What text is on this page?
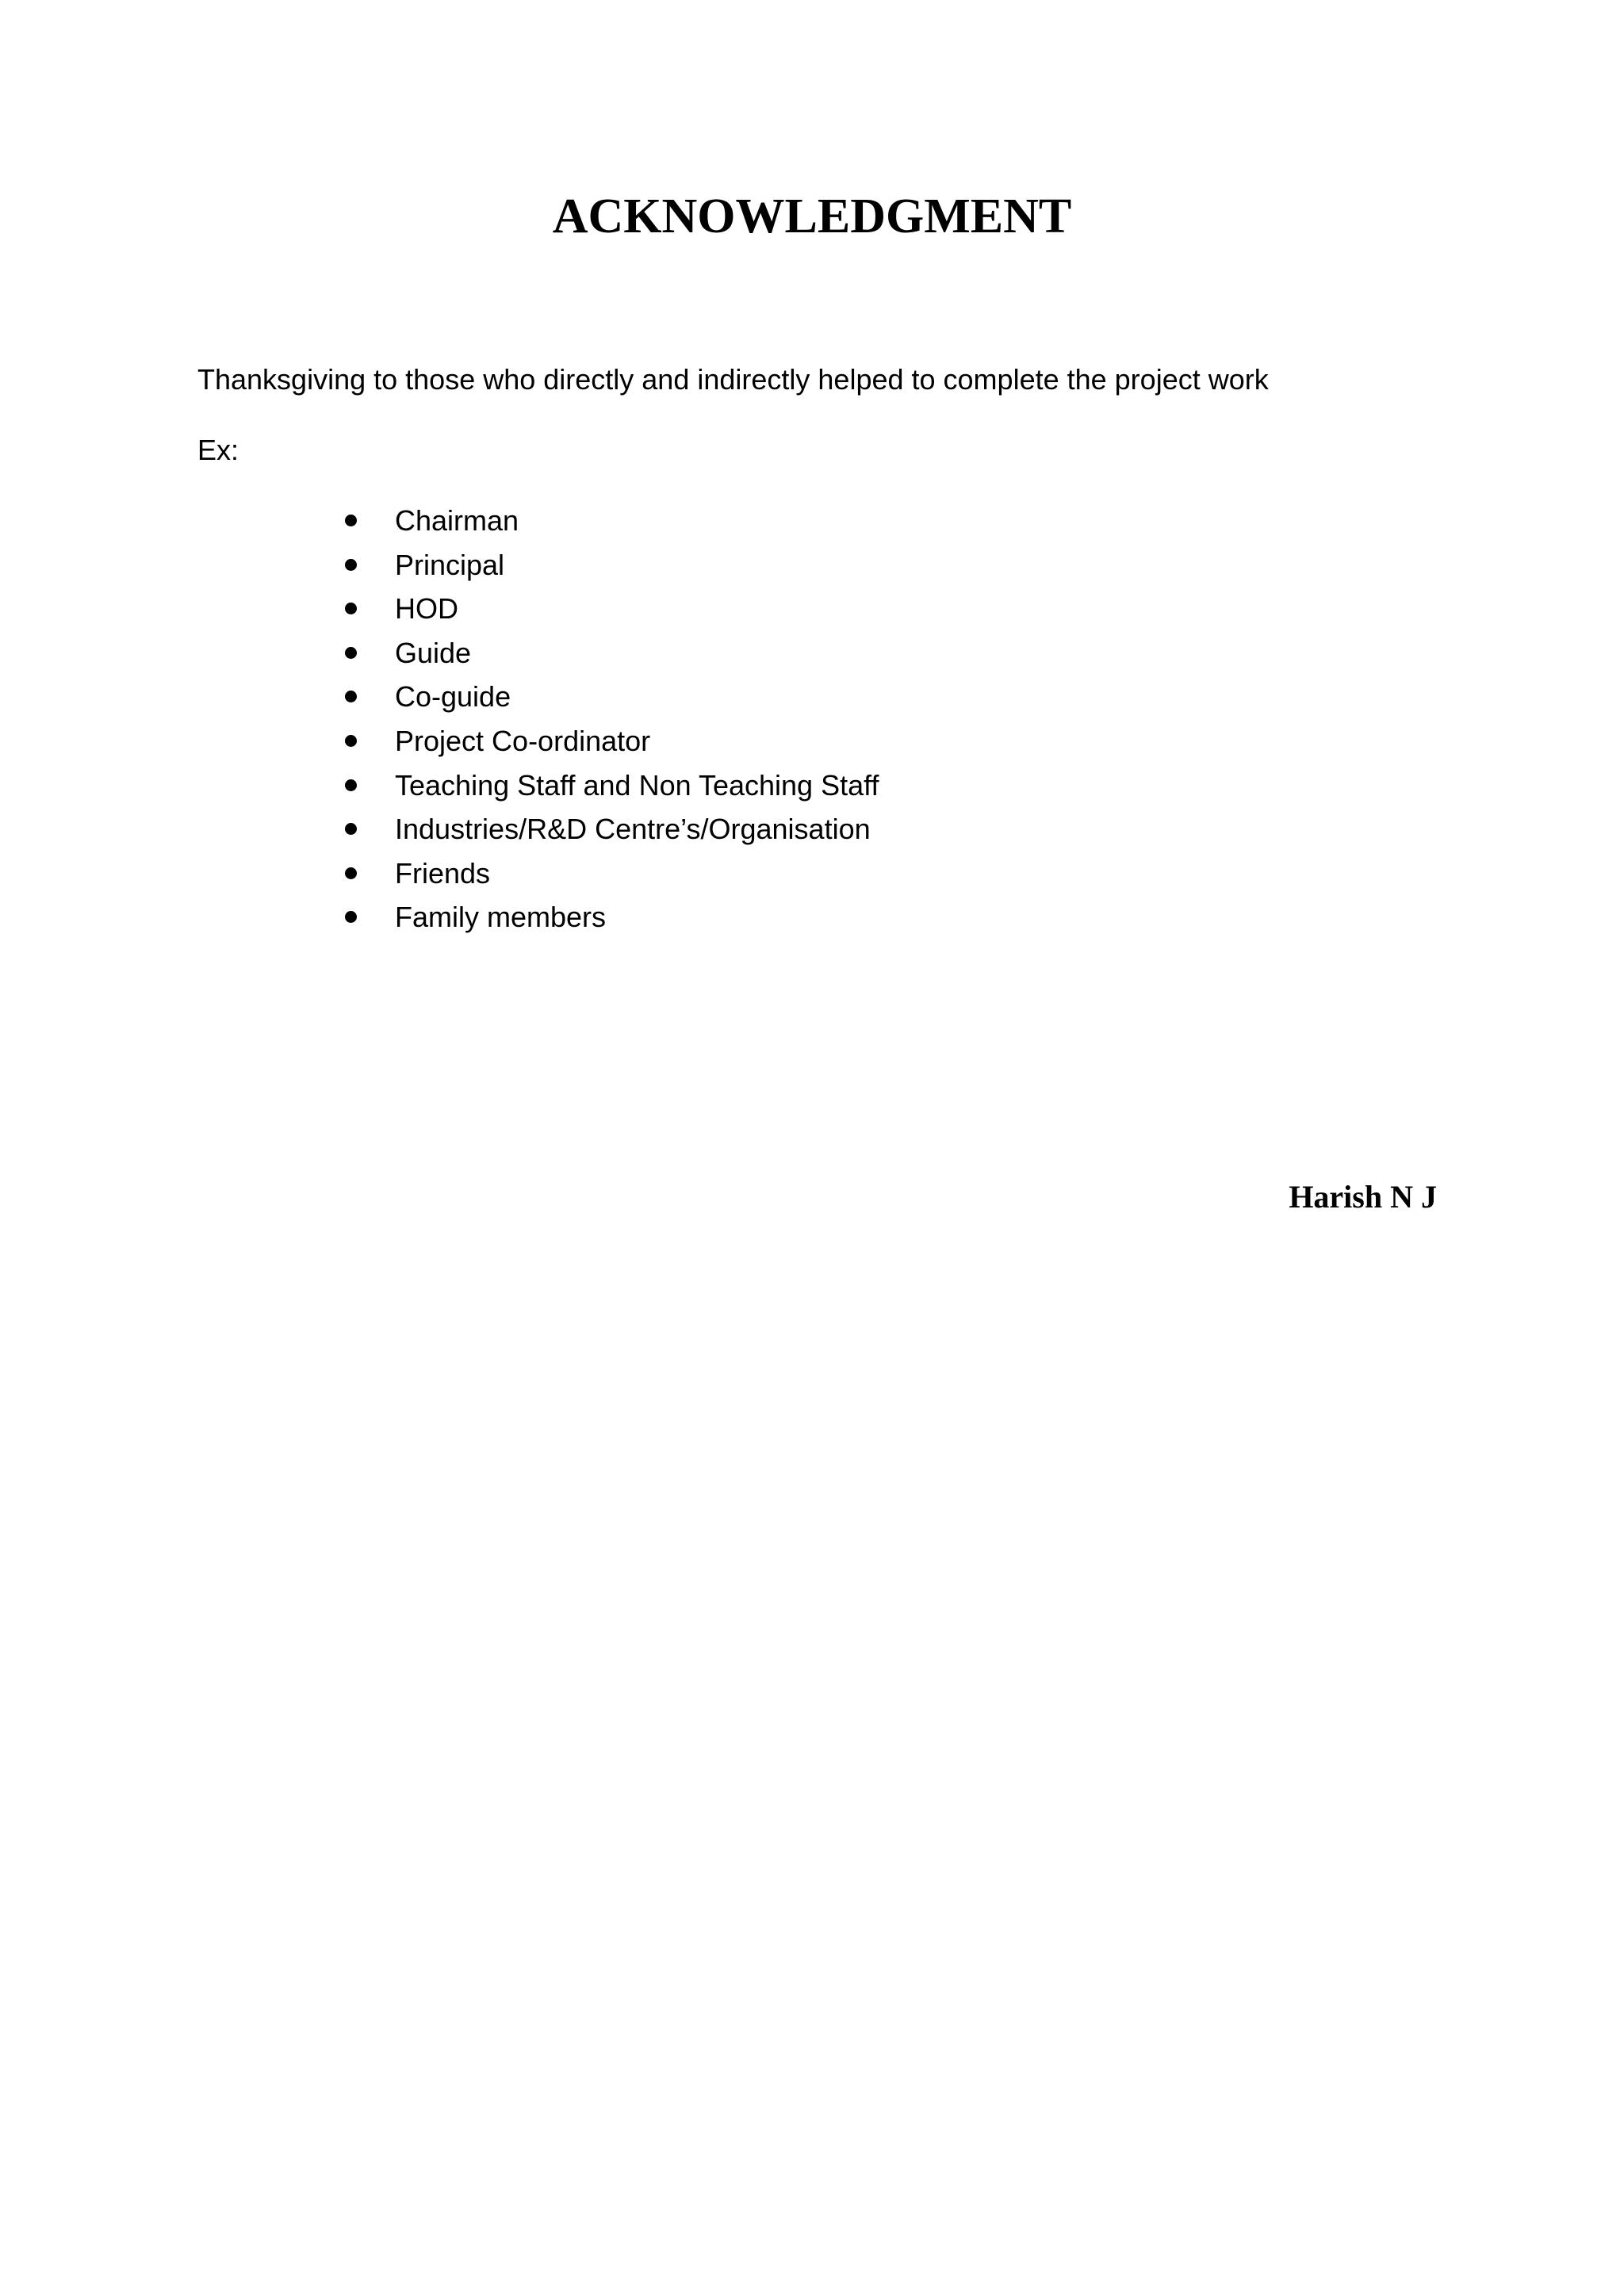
ACKNOWLEDGMENT

Thanksgiving to those who directly and indirectly helped to complete the project work

Ex:

Chairman
Principal
HOD
Guide
Co-guide
Project Co-ordinator
Teaching Staff and Non Teaching Staff
Industries/R&D Centre’s/Organisation
Friends
Family members

Harish N J
